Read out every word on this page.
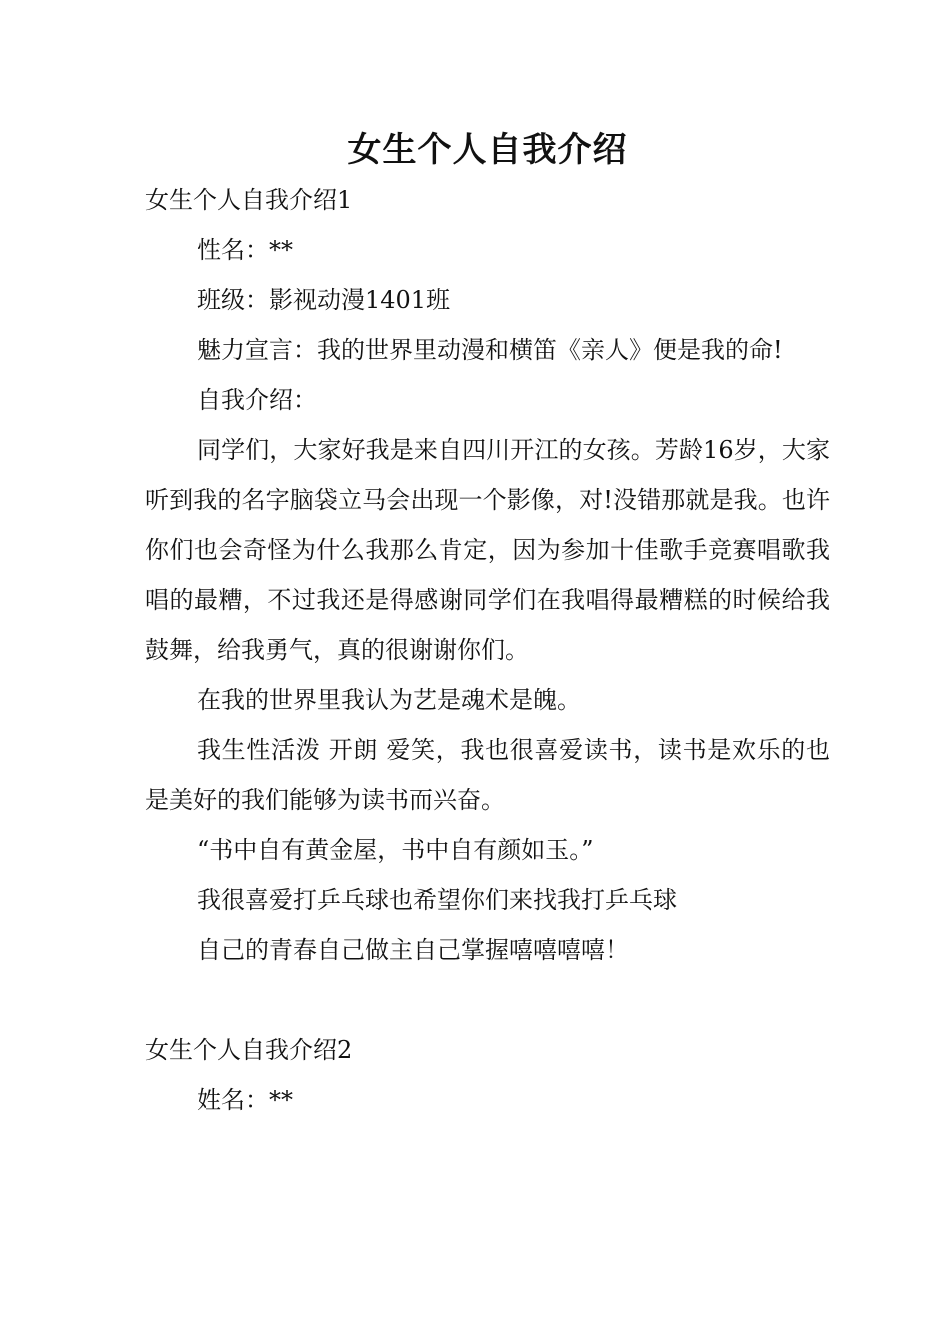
女生个人自我介绍
女生个人自我介绍1

性名：**

班级：影视动漫1401班

魅力宣言：我的世界里动漫和横笛《亲人》便是我的命!

自我介绍：

同学们，大家好我是来自四川开江的女孩。芳龄16岁，大家听到我的名字脑袋立马会出现一个影像，对!没错那就是我。也许你们也会奇怪为什么我那么肯定，因为参加十佳歌手竞赛唱歌我唱的最糟，不过我还是得感谢同学们在我唱得最糟糕的时候给我鼓舞，给我勇气，真的很谢谢你们。

在我的世界里我认为艺是魂术是魄。

我生性活泼 开朗 爱笑，我也很喜爱读书，读书是欢乐的也是美好的我们能够为读书而兴奋。

“书中自有黄金屋，书中自有颜如玉。”

我很喜爱打乒乓球也希望你们来找我打乒乓球

自己的青春自己做主自己掌握嘻嘻嘻嘻！

女生个人自我介绍2

姓名：**
